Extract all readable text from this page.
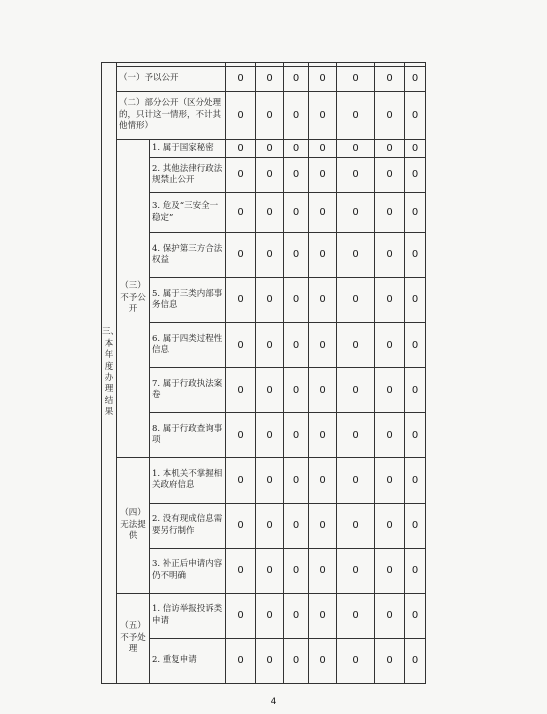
三、本年度办理结果									
	（一）予以公开		0	0	0	0	0	0	0
	（二）部分公开（区分处理的，只计这一情形，不计其他情形）		0	0	0	0	0	0	0
	（三）不予公开	1. 属于国家秘密	0	0	0	0	0	0	0
		2. 其他法律行政法规禁止公开	0	0	0	0	0	0	0
		3. 危及“三安全一稳定”	0	0	0	0	0	0	0
		4. 保护第三方合法权益	0	0	0	0	0	0	0
		5. 属于三类内部事务信息	0	0	0	0	0	0	0
		6. 属于四类过程性信息	0	0	0	0	0	0	0
		7. 属于行政执法案卷	0	0	0	0	0	0	0
		8. 属于行政查询事项	0	0	0	0	0	0	0
	（四）无法提供	1. 本机关不掌握相关政府信息	0	0	0	0	0	0	0
		2. 没有现成信息需要另行制作	0	0	0	0	0	0	0
		3. 补正后申请内容仍不明确	0	0	0	0	0	0	0
	（五）不予处理	1. 信访举报投诉类申请	0	0	0	0	0	0	0
		2. 重复申请	0	0	0	0	0	0	0
4
